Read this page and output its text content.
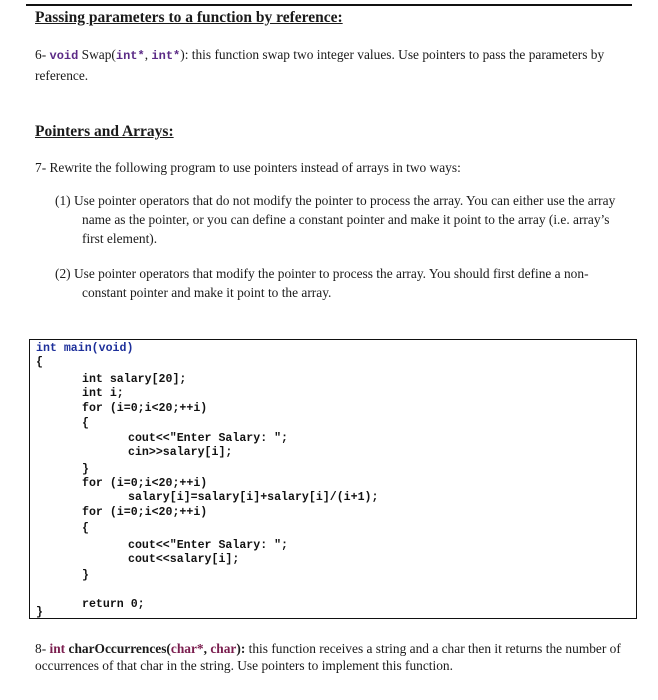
Passing parameters to a function by reference:
6- void Swap(int*, int*): this function swap two integer values. Use pointers to pass the parameters by reference.
Pointers and Arrays:
7- Rewrite the following program to use pointers instead of arrays in two ways:
(1) Use pointer operators that do not modify the pointer to process the array. You can either use the array name as the pointer, or you can define a constant pointer and make it point to the array (i.e. array’s first element).
(2) Use pointer operators that modify the pointer to process the array. You should first define a non-constant pointer and make it point to the array.
int main(void)
{
int salary[20];
int i;
for (i=0;i<20;++i)
{
cout<<"Enter Salary: ";
cin>>salary[i];
}
for (i=0;i<20;++i)
salary[i]=salary[i]+salary[i]/(i+1);
for (i=0;i<20;++i)
{
cout<<"Enter Salary: ";
cout<<salary[i];
}
return 0;
}
8- int charOccurrences(char*, char): this function receives a string and a char then it returns the number of occurrences of that char in the string. Use pointers to implement this function.
